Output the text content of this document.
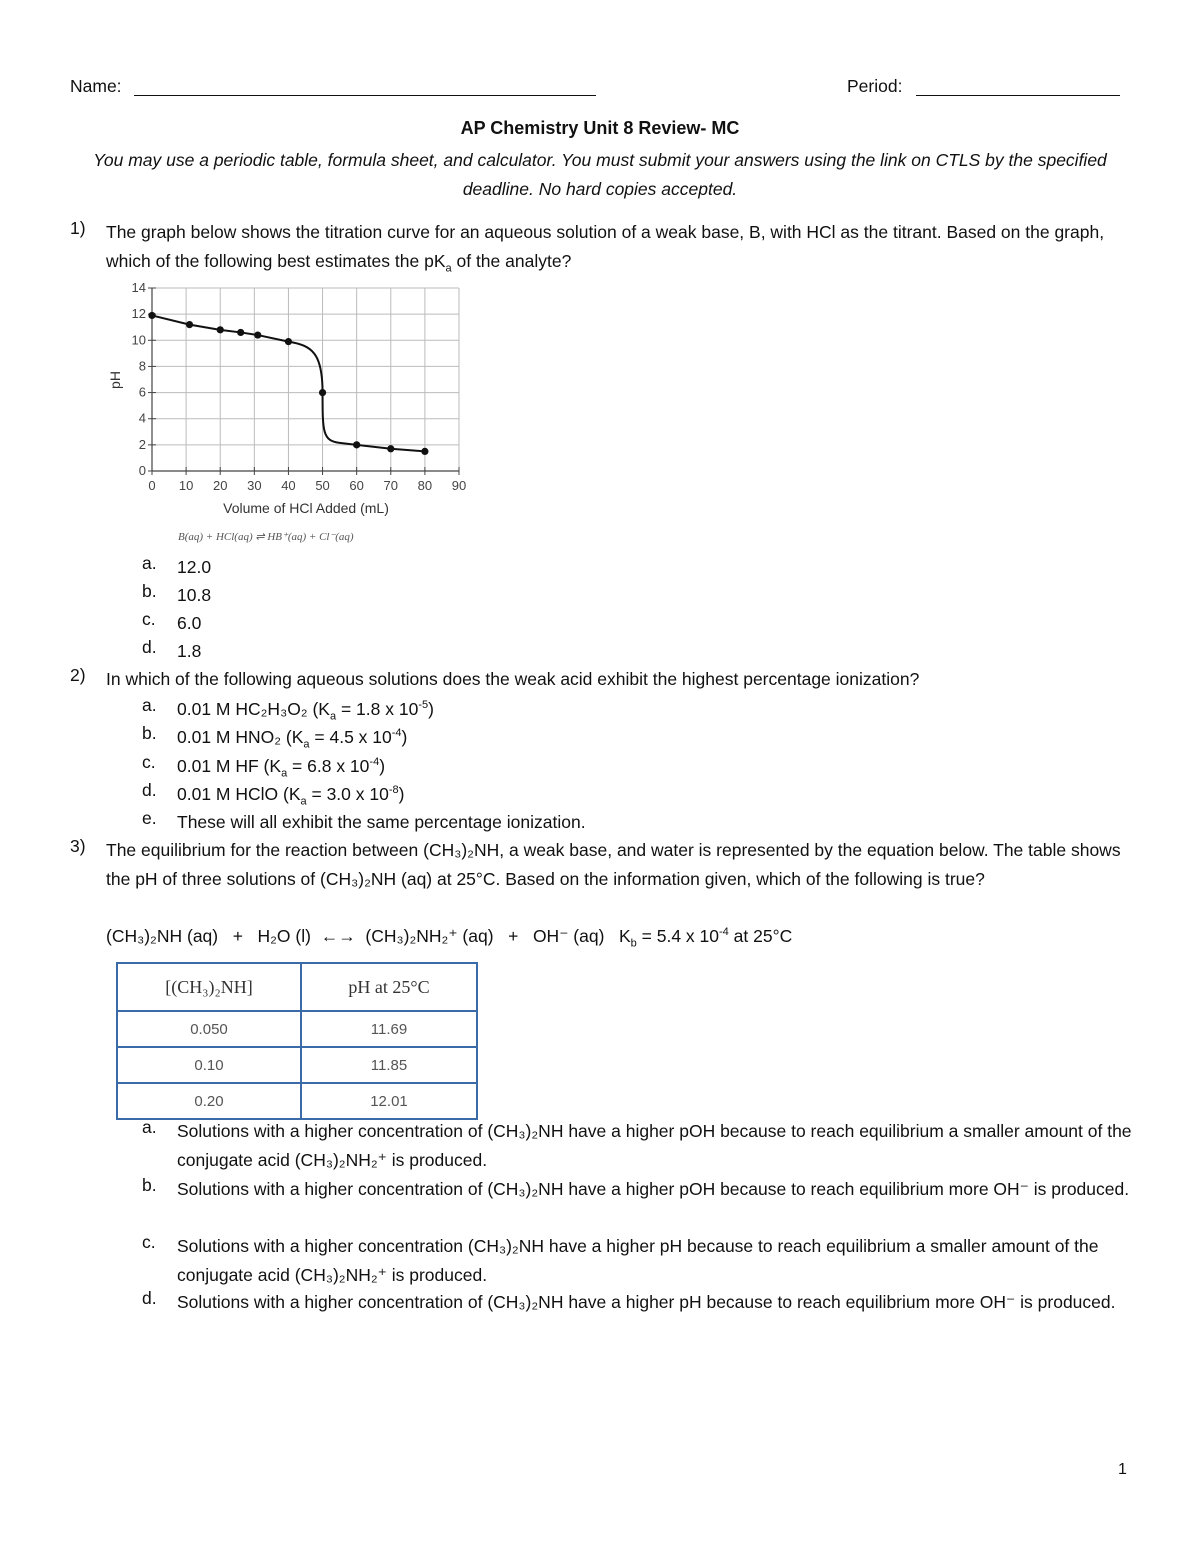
Name:	Period:
AP Chemistry Unit 8 Review- MC
You may use a periodic table, formula sheet, and calculator. You must submit your answers using the link on CTLS by the specified deadline. No hard copies accepted.
1) The graph below shows the titration curve for an aqueous solution of a weak base, B, with HCl as the titrant. Based on the graph, which of the following best estimates the $pK_a$ of the analyte?
0 10 20 30 40 50 60 70 80 90
0
2
4
6
8
10
12
14
Volume of HCl Added (mL)
pH
B(aq) + HCl(aq) ⇌ HB⁺(aq) + Cl⁻(aq)
a. 12.0
b. 10.8
c. 6.0
d. 1.8
2) In which of the following aqueous solutions does the weak acid exhibit the highest percentage ionization?
a. 0.01 M HC₂H₃O₂ ($K_a = 1.8$ x $10^{-5}$)
b. 0.01 M HNO₂ ($K_a = 4.5$ x $10^{-4}$)
c. 0.01 M HF ($K_a = 6.8$ x $10^{-4}$)
d. 0.01 M HClO ($K_a = 3.0$ x $10^{-8}$)
e. These will all exhibit the same percentage ionization.
3) The equilibrium for the reaction between (CH₃)₂NH, a weak base, and water is represented by the equation below. The table shows the pH of three solutions of (CH₃)₂NH (aq) at 25°C. Based on the information given, which of the following is true?
(CH₃)₂NH (aq)   +   H₂O (l)  ←→  (CH₃)₂NH₂⁺ (aq)   +   OH⁻ (aq)   $K_b = 5.4$ x $10^{-4}$ at 25°C
[(CH₃)₂NH]	pH at 25°C
0.050	11.69
0.10	11.85
0.20	12.01
a. Solutions with a higher concentration of (CH₃)₂NH have a higher pOH because to reach equilibrium a smaller amount of the conjugate acid (CH₃)₂NH₂⁺ is produced.
b. Solutions with a higher concentration of (CH₃)₂NH have a higher pOH because to reach equilibrium more OH⁻ is produced.
c. Solutions with a higher concentration (CH₃)₂NH have a higher pH because to reach equilibrium a smaller amount of the conjugate acid (CH₃)₂NH₂⁺ is produced.
d. Solutions with a higher concentration of (CH₃)₂NH have a higher pH because to reach equilibrium more OH⁻ is produced.
1
